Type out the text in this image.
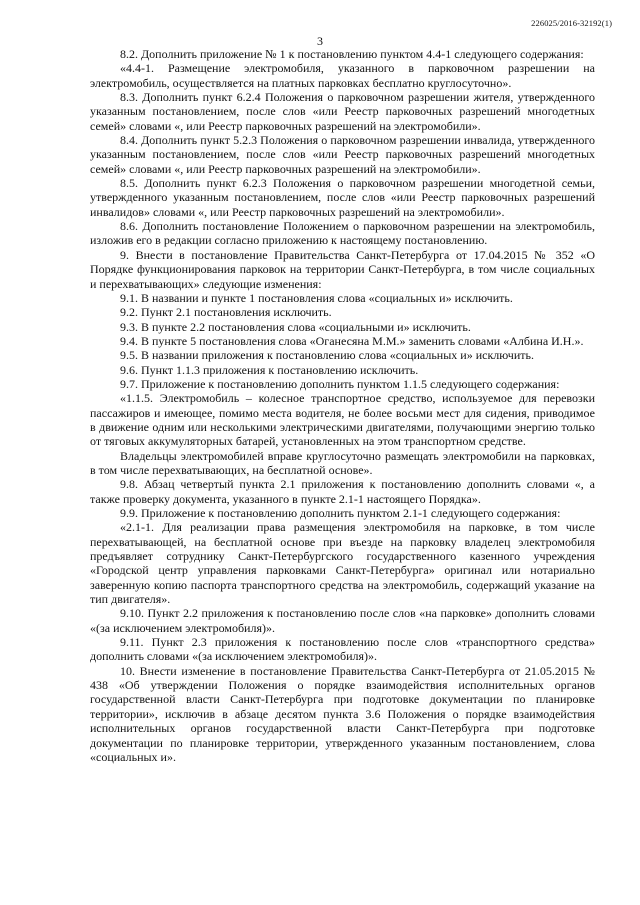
226025/2016-32192(1)
3

8.2. Дополнить приложение № 1 к постановлению пунктом 4.4-1 следующего содержания:

«4.4-1. Размещение электромобиля, указанного в парковочном разрешении на электромобиль, осуществляется на платных парковках бесплатно круглосуточно».

8.3. Дополнить пункт 6.2.4 Положения о парковочном разрешении жителя, утвержденного указанным постановлением, после слов «или Реестр парковочных разрешений многодетных семей» словами «, или Реестр парковочных разрешений на электромобили».

8.4. Дополнить пункт 5.2.3 Положения о парковочном разрешении инвалида, утвержденного указанным постановлением, после слов «или Реестр парковочных разрешений многодетных семей» словами «, или Реестр парковочных разрешений на электромобили».

8.5. Дополнить пункт 6.2.3 Положения о парковочном разрешении многодетной семьи, утвержденного указанным постановлением, после слов «или Реестр парковочных разрешений инвалидов» словами «, или Реестр парковочных разрешений на электромобили».

8.6. Дополнить постановление Положением о парковочном разрешении на электромобиль, изложив его в редакции согласно приложению к настоящему постановлению.

9. Внести в постановление Правительства Санкт-Петербурга от 17.04.2015 № 352 «О Порядке функционирования парковок на территории Санкт-Петербурга, в том числе социальных и перехватывающих» следующие изменения:

9.1. В названии и пункте 1 постановления слова «социальных и» исключить.

9.2. Пункт 2.1 постановления исключить.

9.3. В пункте 2.2 постановления слова «социальными и» исключить.

9.4. В пункте 5 постановления слова «Оганесяна М.М.» заменить словами «Албина И.Н.».

9.5. В названии приложения к постановлению слова «социальных и» исключить.

9.6. Пункт 1.1.3 приложения к постановлению исключить.

9.7. Приложение к постановлению дополнить пунктом 1.1.5 следующего содержания:

«1.1.5. Электромобиль – колесное транспортное средство, используемое для перевозки пассажиров и имеющее, помимо места водителя, не более восьми мест для сидения, приводимое в движение одним или несколькими электрическими двигателями, получающими энергию только от тяговых аккумуляторных батарей, установленных на этом транспортном средстве.

Владельцы электромобилей вправе круглосуточно размещать электромобили на парковках, в том числе перехватывающих, на бесплатной основе».

9.8. Абзац четвертый пункта 2.1 приложения к постановлению дополнить словами «, а также проверку документа, указанного в пункте 2.1-1 настоящего Порядка».

9.9. Приложение к постановлению дополнить пунктом 2.1-1 следующего содержания:

«2.1-1. Для реализации права размещения электромобиля на парковке, в том числе перехватывающей, на бесплатной основе при въезде на парковку владелец электромобиля предъявляет сотруднику Санкт-Петербургского государственного казенного учреждения «Городской центр управления парковками Санкт-Петербурга» оригинал или нотариально заверенную копию паспорта транспортного средства на электромобиль, содержащий указание на тип двигателя».

9.10. Пункт 2.2 приложения к постановлению после слов «на парковке» дополнить словами «(за исключением электромобиля)».

9.11. Пункт 2.3 приложения к постановлению после слов «транспортного средства» дополнить словами «(за исключением электромобиля)».

10. Внести изменение в постановление Правительства Санкт-Петербурга от 21.05.2015 № 438 «Об утверждении Положения о порядке взаимодействия исполнительных органов государственной власти Санкт-Петербурга при подготовке документации по планировке территории», исключив в абзаце десятом пункта 3.6 Положения о порядке взаимодействия исполнительных органов государственной власти Санкт-Петербурга при подготовке документации по планировке территории, утвержденного указанным постановлением, слова «социальных и».
